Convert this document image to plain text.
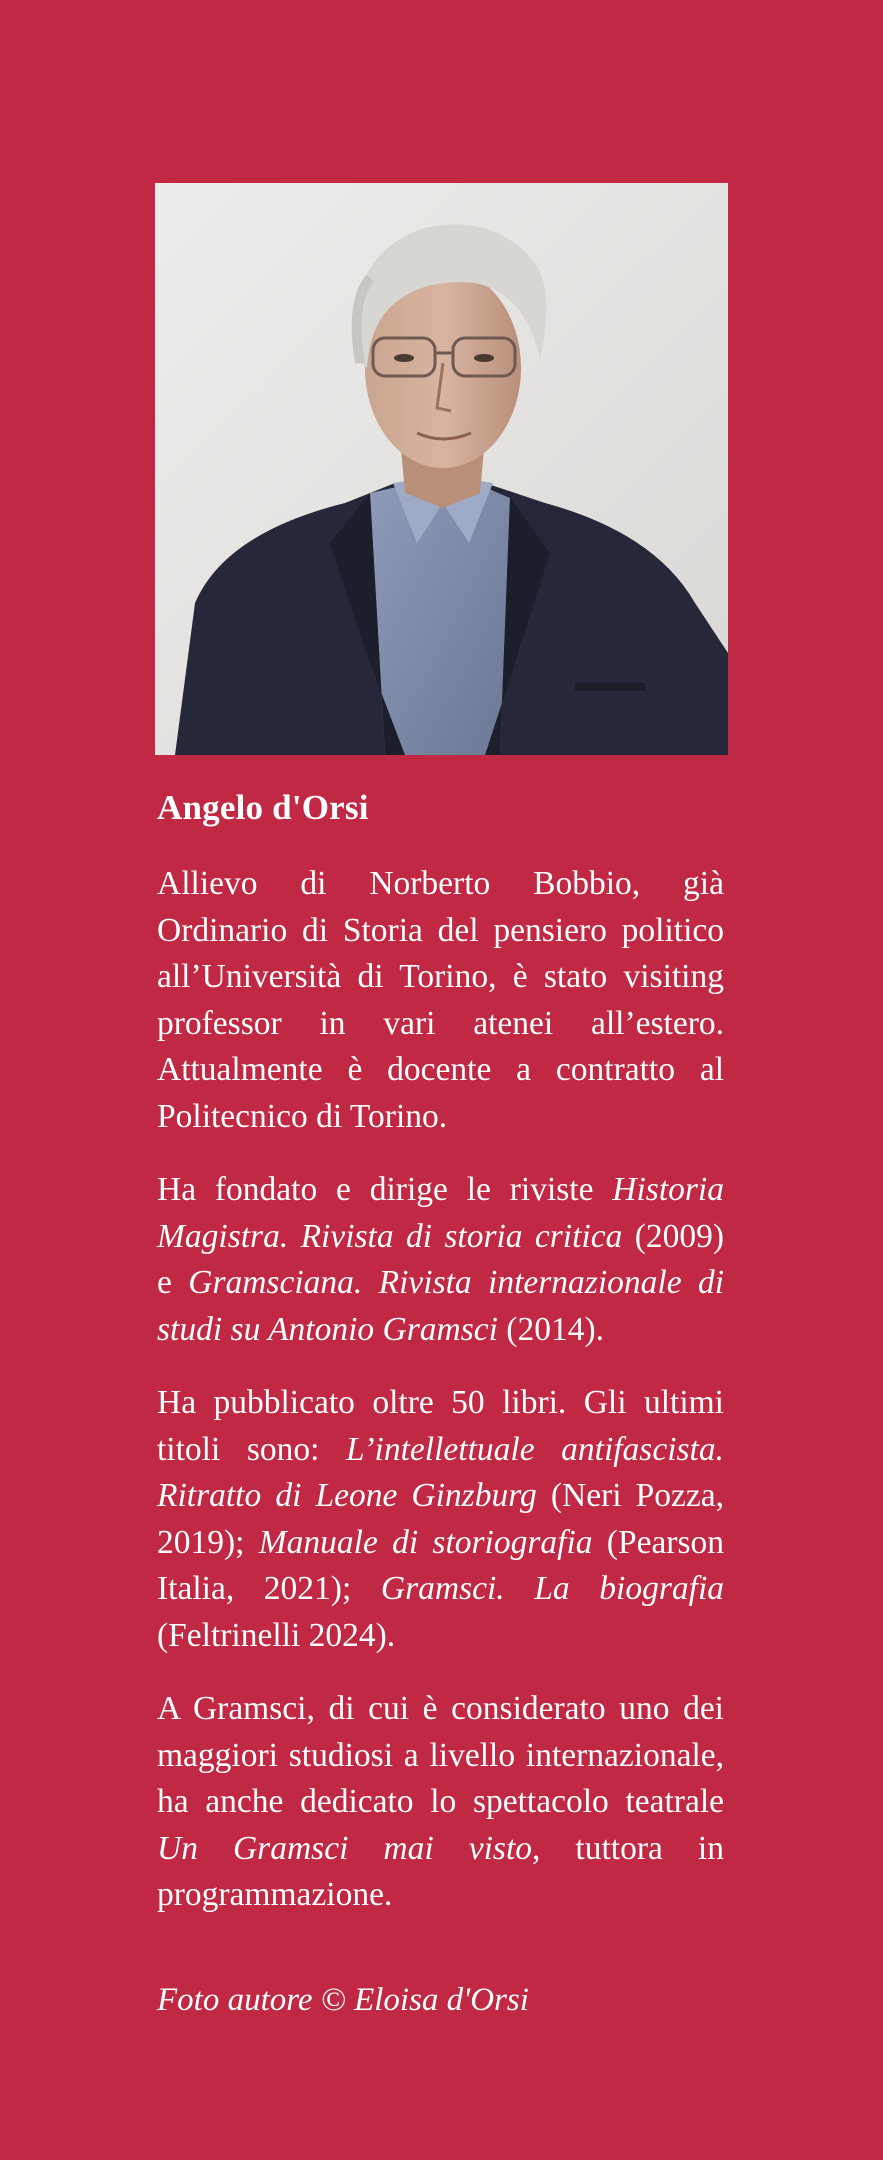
Angelo d'Orsi

Allievo di Norberto Bobbio, già Ordinario di Storia del pensiero politico all’Università di Torino, è stato visiting professor in vari atenei all’estero. Attualmente è docente a contratto al Politecnico di Torino.

Ha fondato e dirige le riviste Historia Magistra. Rivista di storia critica (2009) e Gramsciana. Rivista internazionale di studi su Antonio Gramsci (2014).

Ha pubblicato oltre 50 libri. Gli ultimi titoli sono: L’intellettuale antifascista. Ritratto di Leone Ginzburg (Neri Pozza, 2019); Manuale di storiografia (Pearson Italia, 2021); Gramsci. La biografia (Feltrinelli 2024).

A Gramsci, di cui è considerato uno dei maggiori studiosi a livello internazionale, ha anche dedicato lo spettacolo teatrale Un Gramsci mai visto, tuttora in programmazione.

Foto autore © Eloisa d'Orsi
